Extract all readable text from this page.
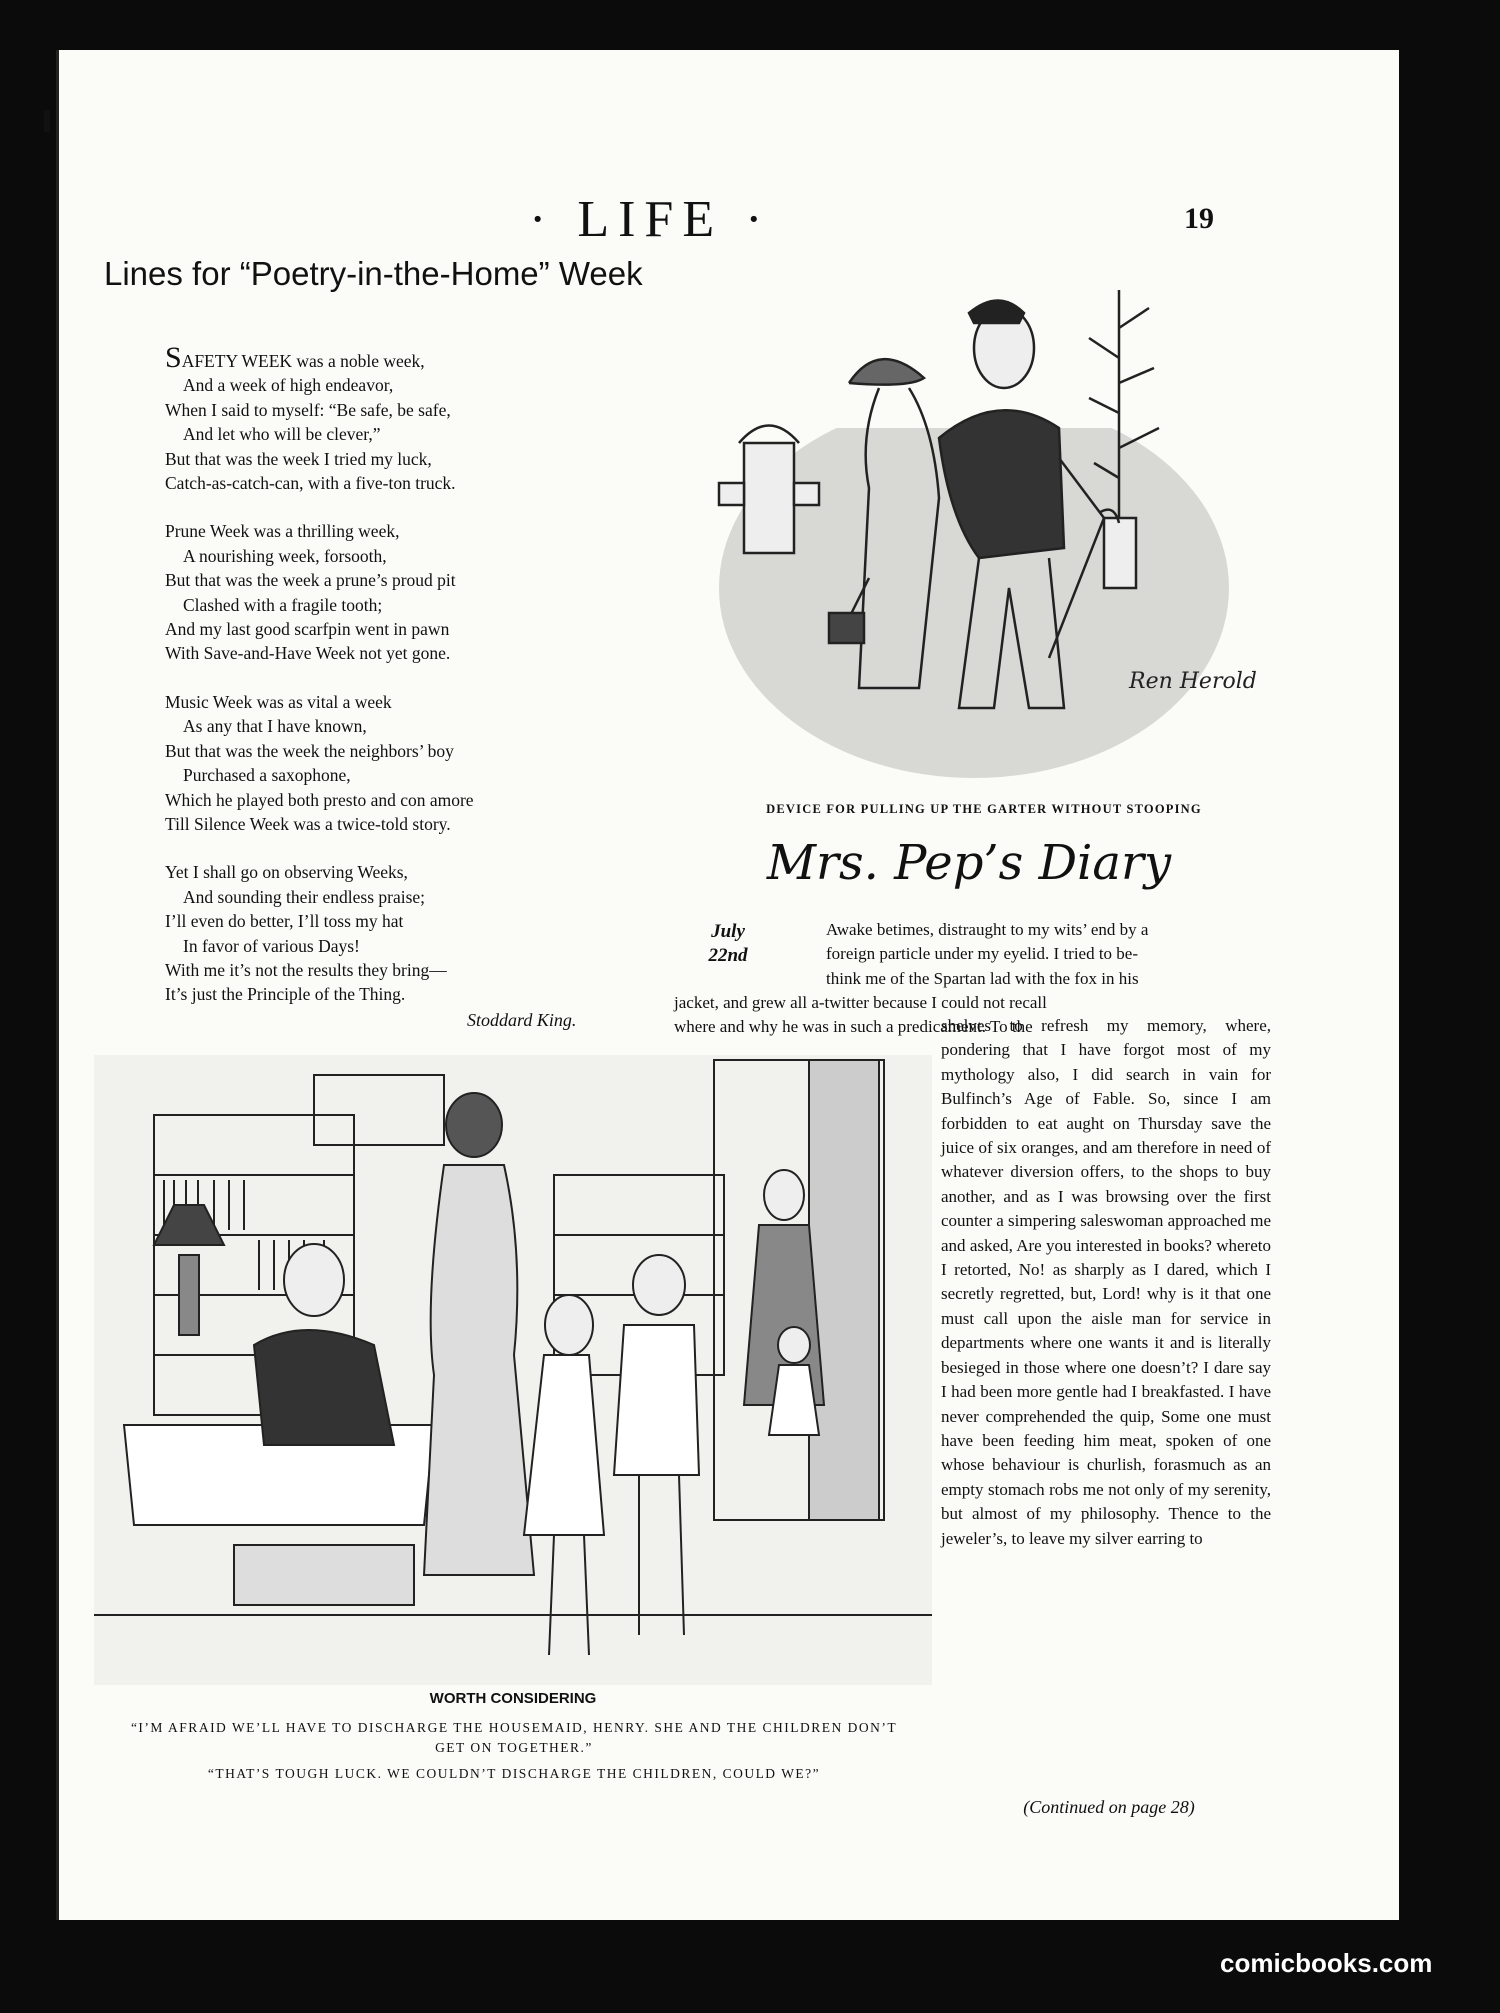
· LIFE ·	19
Lines for “Poetry-in-the-Home” Week

SAFETY WEEK was a noble week,

And a week of high endeavor,

When I said to myself: “Be safe, be safe,

And let who will be clever,”

But that was the week I tried my luck,

Catch-as-catch-can, with a five-ton truck.

Prune Week was a thrilling week,

A nourishing week, forsooth,

But that was the week a prune’s proud pit

Clashed with a fragile tooth;

And my last good scarfpin went in pawn

With Save-and-Have Week not yet gone.

Music Week was as vital a week

As any that I have known,

But that was the week the neighbors’ boy

Purchased a saxophone,

Which he played both presto and con amore

Till Silence Week was a twice-told story.

Yet I shall go on observing Weeks,

And sounding their endless praise;

I’ll even do better, I’ll toss my hat

In favor of various Days!

With me it’s not the results they bring—

It’s just the Principle of the Thing.

Stoddard King.
Ren Herold
DEVICE FOR PULLING UP THE GARTER WITHOUT STOOPING
Mrs. Pep’s Diary
July
22nd
Awake betimes, distraught to my wits’ end by a
foreign particle under my eyelid. I tried to be-
think me of the Spartan lad with the fox in his
jacket, and grew all a-twitter because I could not recall
where and why he was in such a predicament. To the
shelves to refresh my memory, where, pondering that I have forgot most of my mythology also, I did search in vain for Bulfinch’s Age of Fable. So, since I am forbidden to eat aught on Thursday save the juice of six oranges, and am therefore in need of whatever diversion offers, to the shops to buy another, and as I was browsing over the first counter a simpering saleswoman approached me and asked, Are you interested in books? whereto I retorted, No! as sharply as I dared, which I secretly regretted, but, Lord! why is it that one must call upon the aisle man for service in departments where one wants it and is literally besieged in those where one doesn’t? I dare say I had been more gentle had I breakfasted. I have never comprehended the quip, Some one must have been feeding him meat, spoken of one whose behaviour is churlish, forasmuch as an empty stomach robs me not only of my serenity, but almost of my philosophy. Thence to the jeweler’s, to leave my silver earring to
(Continued on page 28)
WORTH CONSIDERING

“I’M AFRAID WE’LL HAVE TO DISCHARGE THE HOUSEMAID, HENRY. SHE AND THE CHILDREN DON’T GET ON TOGETHER.”

“THAT’S TOUGH LUCK. WE COULDN’T DISCHARGE THE CHILDREN, COULD WE?”

comicbooks.com
